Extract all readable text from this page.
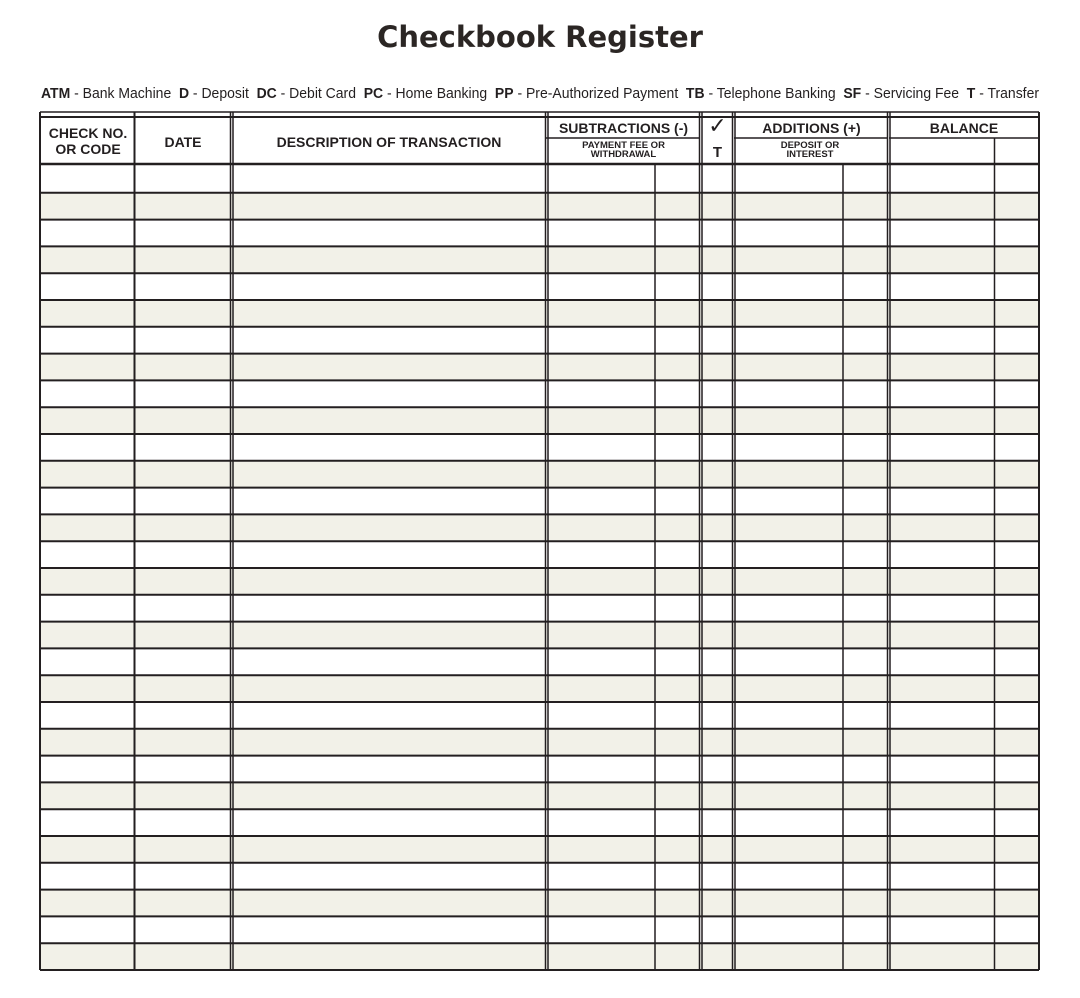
Checkbook Register
ATM - Bank Machine D - Deposit DC - Debit Card PC - Home Banking PP - Pre-Authorized Payment TB - Telephone Banking SF - Servicing Fee T - Transfer
CHECK NO.
OR CODE	DATE	DESCRIPTION OF TRANSACTION
SUBTRACTIONS (-)
PAYMENT FEE OR
WITHDRAWAL
✓
T
ADDITIONS (+)
DEPOSIT OR
INTEREST
BALANCE
